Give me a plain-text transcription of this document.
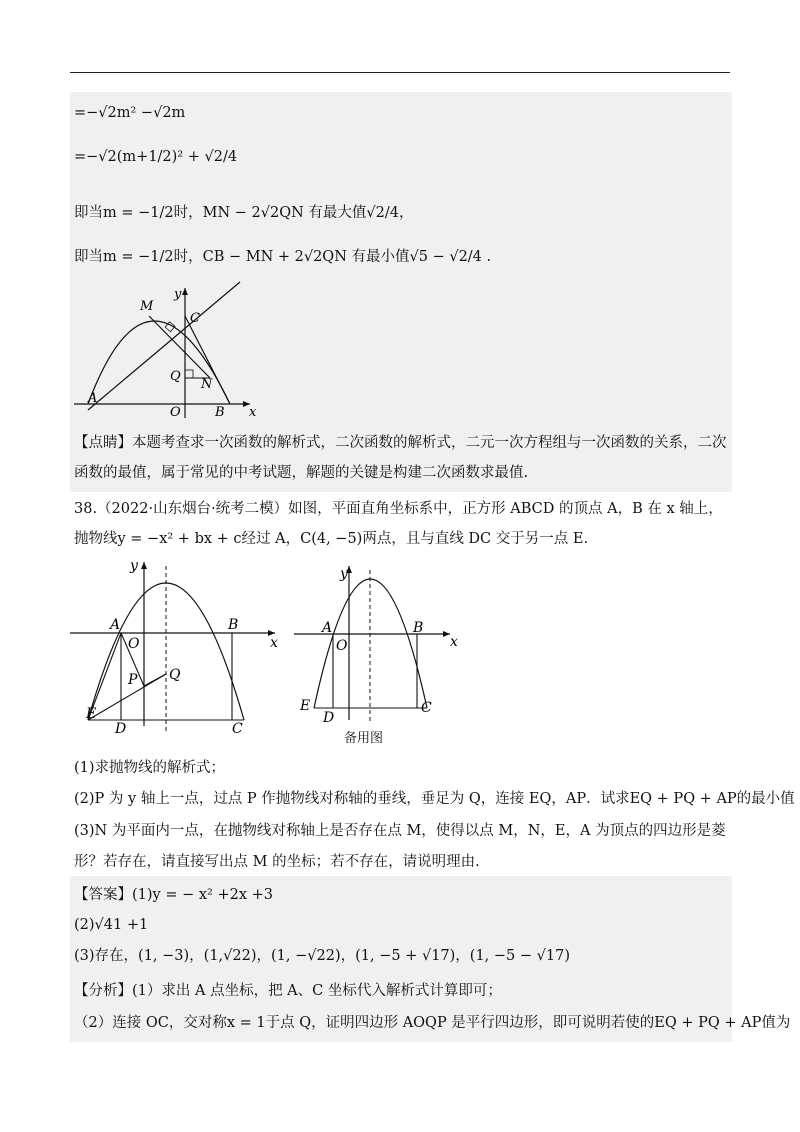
=−√2m² −√2m
=−√2(m+1/2)² + √2/4
即当m = −1/2时，MN − 2√2QN 有最大值√2/4，
即当m = −1/2时，CB − MN + 2√2QN 有最小值√5 − √2/4 .
M
y
C
Q
N
A
O	B x
【点睛】本题考查求一次函数的解析式，二次函数的解析式，二元一次方程组与一次函数的关系，二次函数的最值，属于常见的中考试题，解题的关键是构建二次函数求最值.
38.（2022·山东烟台·统考二模）如图，平面直角坐标系中，正方形 ABCD 的顶点 A，B 在 x 轴上，抛物线y = −x² + bx + c经过 A，C(4, −5)两点，且与直线 DC 交于另一点 E.
y
A
O
B
x
P Q
E
D	C
y
A
O
B
x
E
D
C
备用图
(1)求抛物线的解析式；
(2)P 为 y 轴上一点，过点 P 作抛物线对称轴的垂线，垂足为 Q，连接 EQ，AP．试求EQ + PQ + AP的最小值
(3)N 为平面内一点，在抛物线对称轴上是否存在点 M，使得以点 M，N，E，A 为顶点的四边形是菱形？若存在，请直接写出点 M 的坐标；若不存在，请说明理由.
【答案】(1)y = − x² +2x +3
(2)√41 +1
(3)存在，(1, −3)，(1,√22)，(1, −√22)，(1, −5 + √17)，(1, −5 − √17)
【分析】(1）求出 A 点坐标，把 A、C 坐标代入解析式计算即可；
（2）连接 OC，交对称x = 1于点 Q，证明四边形 AOQP 是平行四边形，即可说明若使的EQ + PQ + AP值为
